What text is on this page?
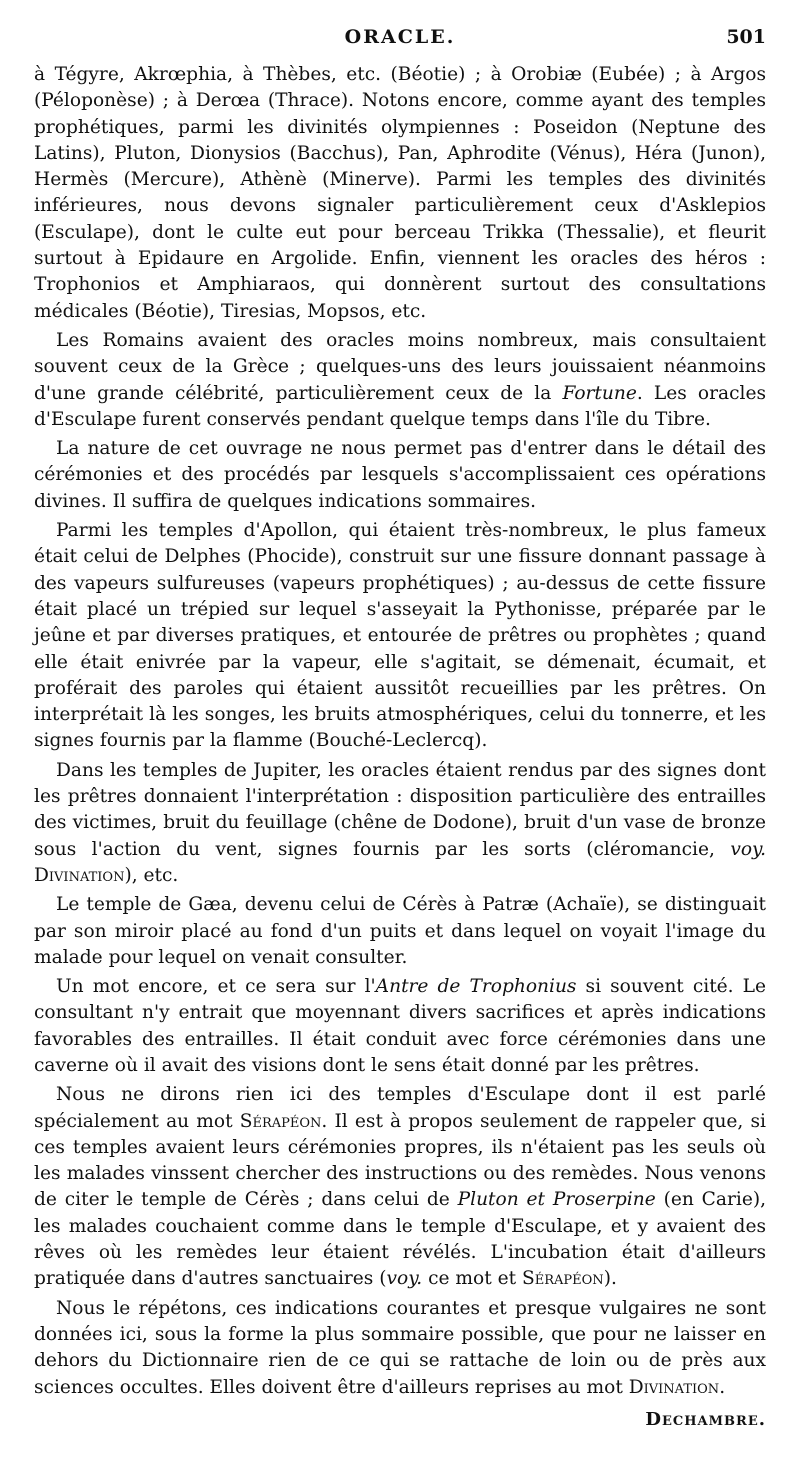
ORACLE.	501

à Tégyre, Akrœphia, à Thèbes, etc. (Béotie) ; à Orobiæ (Eubée) ; à Argos (Péloponèse) ; à Derœa (Thrace). Notons encore, comme ayant des temples prophétiques, parmi les divinités olympiennes : Poseidon (Neptune des Latins), Pluton, Dionysios (Bacchus), Pan, Aphrodite (Vénus), Héra (Junon), Hermès (Mercure), Athènè (Minerve). Parmi les temples des divinités inférieures, nous devons signaler particulièrement ceux d'Asklepios (Esculape), dont le culte eut pour berceau Trikka (Thessalie), et fleurit surtout à Epidaure en Argolide. Enfin, viennent les oracles des héros : Trophonios et Amphiaraos, qui donnèrent surtout des consultations médicales (Béotie), Tiresias, Mopsos, etc.

Les Romains avaient des oracles moins nombreux, mais consultaient souvent ceux de la Grèce ; quelques-uns des leurs jouissaient néanmoins d'une grande célébrité, particulièrement ceux de la Fortune. Les oracles d'Esculape furent conservés pendant quelque temps dans l'île du Tibre.

La nature de cet ouvrage ne nous permet pas d'entrer dans le détail des cérémonies et des procédés par lesquels s'accomplissaient ces opérations divines. Il suffira de quelques indications sommaires.

Parmi les temples d'Apollon, qui étaient très-nombreux, le plus fameux était celui de Delphes (Phocide), construit sur une fissure donnant passage à des vapeurs sulfureuses (vapeurs prophétiques) ; au-dessus de cette fissure était placé un trépied sur lequel s'asseyait la Pythonisse, préparée par le jeûne et par diverses pratiques, et entourée de prêtres ou prophètes ; quand elle était enivrée par la vapeur, elle s'agitait, se démenait, écumait, et proférait des paroles qui étaient aussitôt recueillies par les prêtres. On interprétait là les songes, les bruits atmosphériques, celui du tonnerre, et les signes fournis par la flamme (Bouché-Leclercq).

Dans les temples de Jupiter, les oracles étaient rendus par des signes dont les prêtres donnaient l'interprétation : disposition particulière des entrailles des victimes, bruit du feuillage (chêne de Dodone), bruit d'un vase de bronze sous l'action du vent, signes fournis par les sorts (cléromancie, voy. Divination), etc.

Le temple de Gæa, devenu celui de Cérès à Patræ (Achaïe), se distinguait par son miroir placé au fond d'un puits et dans lequel on voyait l'image du malade pour lequel on venait consulter.

Un mot encore, et ce sera sur l'Antre de Trophonius si souvent cité. Le consultant n'y entrait que moyennant divers sacrifices et après indications favorables des entrailles. Il était conduit avec force cérémonies dans une caverne où il avait des visions dont le sens était donné par les prêtres.

Nous ne dirons rien ici des temples d'Esculape dont il est parlé spécialement au mot Sérapéon. Il est à propos seulement de rappeler que, si ces temples avaient leurs cérémonies propres, ils n'étaient pas les seuls où les malades vinssent chercher des instructions ou des remèdes. Nous venons de citer le temple de Cérès ; dans celui de Pluton et Proserpine (en Carie), les malades couchaient comme dans le temple d'Esculape, et y avaient des rêves où les remèdes leur étaient révélés. L'incubation était d'ailleurs pratiquée dans d'autres sanctuaires (voy. ce mot et Sérapéon).

Nous le répétons, ces indications courantes et presque vulgaires ne sont données ici, sous la forme la plus sommaire possible, que pour ne laisser en dehors du Dictionnaire rien de ce qui se rattache de loin ou de près aux sciences occultes. Elles doivent être d'ailleurs reprises au mot Divination.

Dechambre.
